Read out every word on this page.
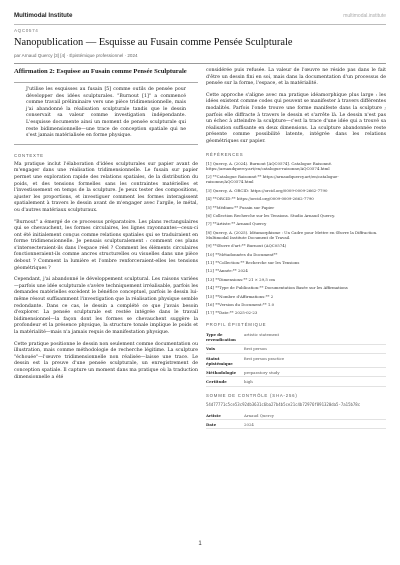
Multimodal Institute	multimodal.institute
AQC0574
Nanopublication — Esquisse au Fusain comme Pensée Sculpturale
par Arnaud Quercy [3] [4] · Épistémique professionnel · 2024
Affirmation 2: Esquisse au Fusain comme Pensée Sculpturale
J'utilise les esquisses au fusain [5] comme outils de pensée pour développer des idées sculpturales. "Burnout [1]" a commencé comme travail préliminaire vers une pièce tridimensionnelle, mais j'ai abandonné la réalisation sculpturale tandis que le dessin conservait sa valeur comme investigation indépendante. L'esquisse documente ainsi un moment de pensée sculpturale qui reste bidimensionnelle—une trace de conception spatiale qui ne s'est jamais matérialisée en forme physique.
CONTEXTE

Ma pratique inclut l'élaboration d'idées sculpturales sur papier avant de m'engager dans une réalisation tridimensionnelle. Le fusain sur papier permet une exploration rapide des relations spatiales, de la distribution du poids, et des tensions formelles sans les contraintes matérielles et l'investissement en temps de la sculpture. Je peux tester des compositions, ajuster les proportions, et investiguer comment les formes interagissent spatialement à travers le dessin avant de m'engager avec l'argile, le métal, ou d'autres matériaux sculpturaux.

"Burnout" a émergé de ce processus préparatoire. Les plans rectangulaires qui se chevauchent, les formes circulaires, les lignes rayonnantes—ceux-ci ont été initialement conçus comme relations spatiales qui se traduiraient en forme tridimensionnelle. Je pensais sculpturalement : comment ces plans s'intersecteraient-ils dans l'espace réel ? Comment les éléments circulaires fonctionneraient-ils comme ancres structurelles ou visuelles dans une pièce debout ? Comment la lumière et l'ombre renforceraient-elles les tensions géométriques ?

Cependant, j'ai abandonné le développement sculptural. Les raisons variées—parfois une idée sculpturale s'avère techniquement irréalisable, parfois les demandes matérielles excèdent le bénéfice conceptuel, parfois le dessin lui-même résout suffisamment l'investigation que la réalisation physique semble redondante. Dans ce cas, le dessin a complété ce que j'avais besoin d'explorer. La pensée sculpturale est restée intégrée dans le travail bidimensionnel—la façon dont les formes se chevauchent suggère la profondeur et la présence physique, la structure tonale implique le poids et la matérialité—mais n'a jamais requis de manifestation physique.

Cette pratique positionne le dessin non seulement comme documentation ou illustration, mais comme méthodologie de recherche légitime. La sculpture "échouée"—l'œuvre tridimensionnelle non réalisée—laisse une trace. Le dessin est la preuve d'une pensée sculpturale, un enregistrement de conception spatiale. Il capture un moment dans ma pratique où la traduction dimensionnelle a été

considérée puis refusée. La valeur de l'œuvre ne réside pas dans le fait d'être un dessin fini en soi, mais dans la documentation d'un processus de pensée sur la forme, l'espace, et la matérialité.

Cette approche s'aligne avec ma pratique idéamorphique plus large : les idées existent comme codes qui peuvent se manifester à travers différentes modalités. Parfois l'onde trouve une forme manifeste dans la sculpture ; parfois elle diffracte à travers le dessin et s'arrête là. Le dessin n'est pas un échec à atteindre la sculpture—c'est la trace d'une idée qui a trouvé sa réalisation suffisante en deux dimensions. La sculpture abandonnée reste présente comme possibilité latente, intégrée dans les relations géométriques sur papier.

RÉFÉRENCES
[1] Quercy, A. (2024). Burnout [AQC0574]. Catalogue Raisonné. https://arnaudquercy.art/en/catalogue-raisonne/AQC0574.html
[2] **Catalogue Raisonné:** https://arnaudquercy.art/en/catalogue-raisonne/AQC0574.html
[3] Quercy, A. ORCID: https://orcid.org/0009-0009-2662-7790
[4] **ORCID:** https://orcid.org/0009-0009-2662-7790
[5] **Médium:** Fusain sur Papier
[6] Collection Recherche sur les Tensions. Studio Arnaud Quercy.
[7] **Artiste:** Arnaud Quercy
[8] Quercy, A. (2025). Idéamorphisme : Un Cadre pour Mettre en Œuvre la Diffraction. Multimodal Institute Document de Travail.
[9] **Œuvre d'art:** Burnout (AQC0574)
[10] **Métadonnées du Document**
[11] **Collection:** Recherche sur les Tensions
[12] **Année:** 2024
[13] **Dimensions:** 21 × 29,5 cm
[14] **Type de Publication:** Documentation Basée sur les Affirmations
[15] **Nombre d'Affirmations:** 2
[16] **Version du Document:** 1.0
[17] **Date:** 2025-02-23
PROFIL ÉPISTÉMIQUE
Type de revendication	artistic statement
Voix	first person
Statut épistémique	first person practice
Méthodologie	preparatory study
Certitude	high
SOMME DE CONTRÔLE (SHA-256)
54d77771c5ce53c92db3631c6ba27b4b5ce21c4b72976f891320da5-7a15b78c
Artiste	Arnaud Quercy
Date	2024
1
